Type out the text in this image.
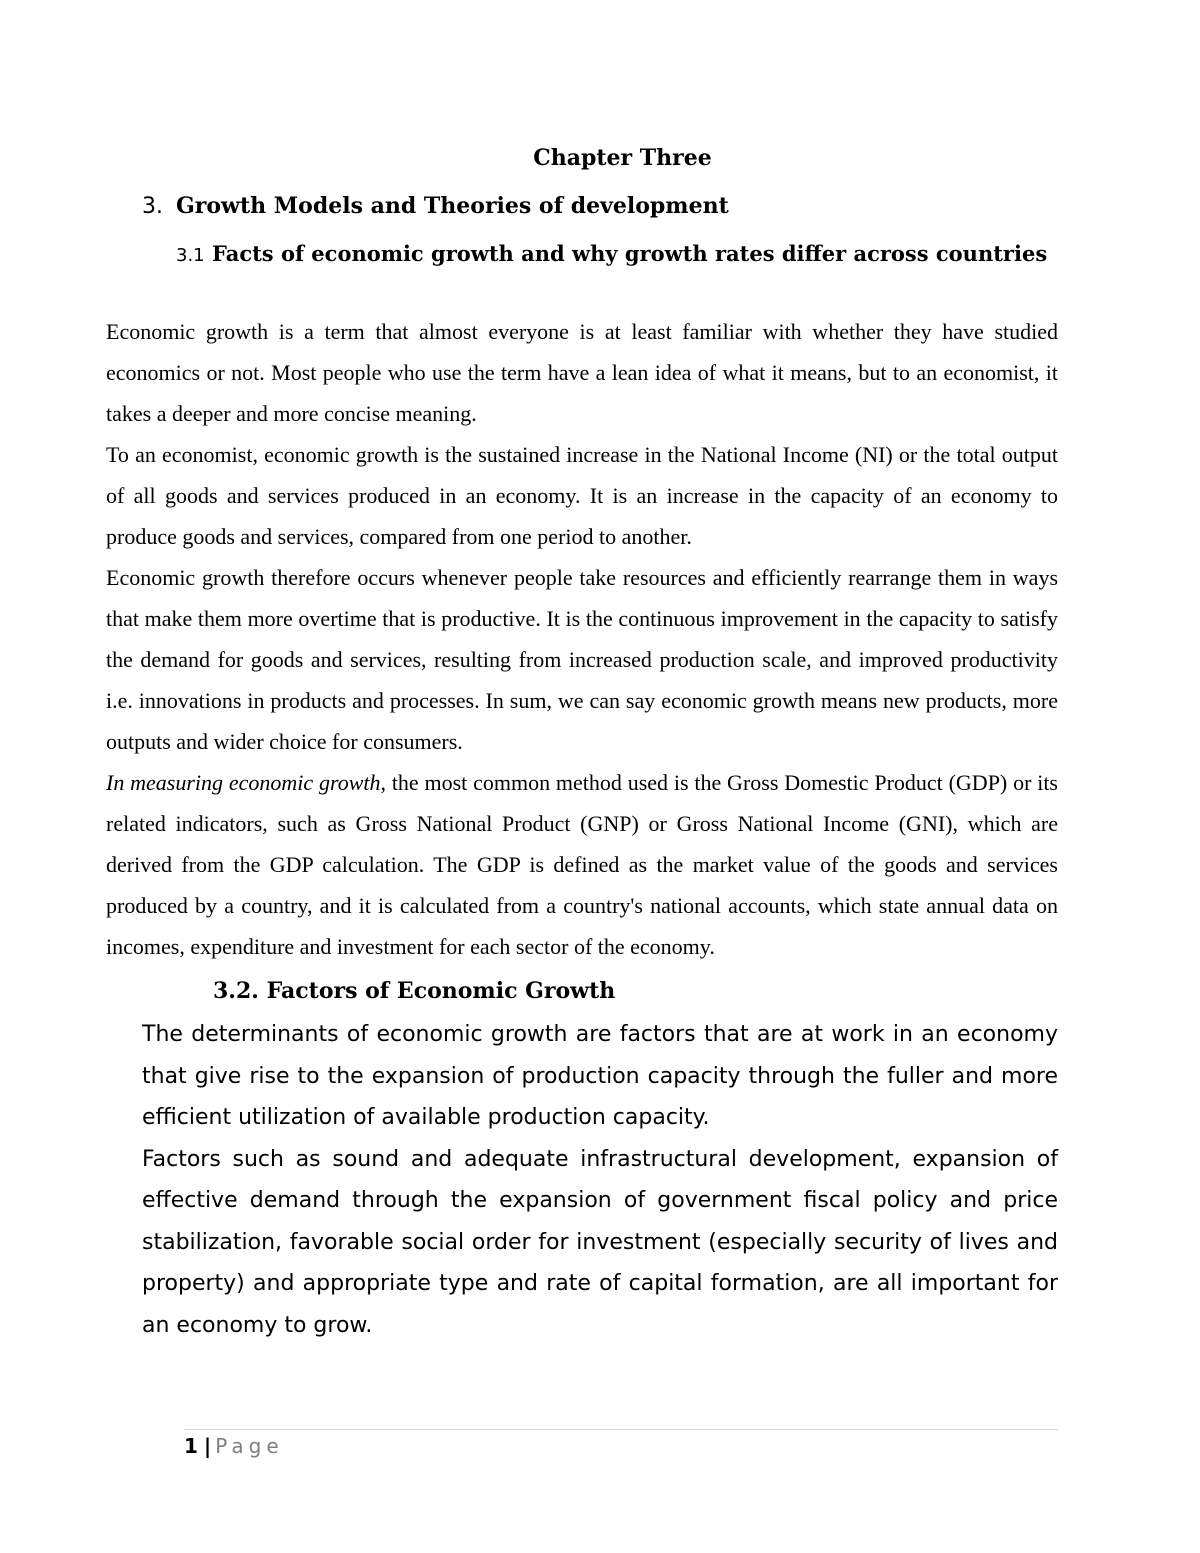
Chapter Three
3. Growth Models and Theories of development
3.1 Facts of economic growth and why growth rates differ across countries

Economic growth is a term that almost everyone is at least familiar with whether they have studied economics or not. Most people who use the term have a lean idea of what it means, but to an economist, it takes a deeper and more concise meaning.

To an economist, economic growth is the sustained increase in the National Income (NI) or the total output of all goods and services produced in an economy. It is an increase in the capacity of an economy to produce goods and services, compared from one period to another.

Economic growth therefore occurs whenever people take resources and efficiently rearrange them in ways that make them more overtime that is productive. It is the continuous improvement in the capacity to satisfy the demand for goods and services, resulting from increased production scale, and improved productivity i.e. innovations in products and processes. In sum, we can say economic growth means new products, more outputs and wider choice for consumers.

In measuring economic growth, the most common method used is the Gross Domestic Product (GDP) or its related indicators, such as Gross National Product (GNP) or Gross National Income (GNI), which are derived from the GDP calculation. The GDP is defined as the market value of the goods and services produced by a country, and it is calculated from a country's national accounts, which state annual data on incomes, expenditure and investment for each sector of the economy.

3.2. Factors of Economic Growth

The determinants of economic growth are factors that are at work in an economy that give rise to the expansion of production capacity through the fuller and more efficient utilization of available production capacity.

Factors such as sound and adequate infrastructural development, expansion of effective demand through the expansion of government fiscal policy and price stabilization, favorable social order for investment (especially security of lives and property) and appropriate type and rate of capital formation, are all important for an economy to grow.

1 | Page
